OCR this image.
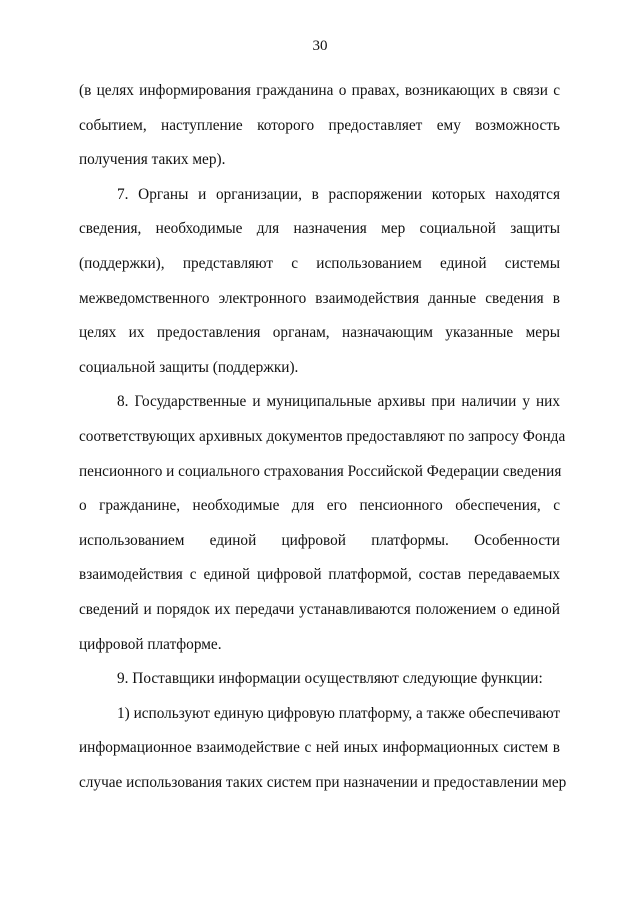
30
(в целях информирования гражданина о правах, возникающих в связи с
событием, наступление которого предоставляет ему возможность
получения таких мер).
7. Органы и организации, в распоряжении которых находятся
сведения, необходимые для назначения мер социальной защиты
(поддержки), представляют с использованием единой системы
межведомственного электронного взаимодействия данные сведения в
целях их предоставления органам, назначающим указанные меры
социальной защиты (поддержки).
8. Государственные и муниципальные архивы при наличии у них
соответствующих архивных документов предоставляют по запросу Фонда
пенсионного и социального страхования Российской Федерации сведения
о гражданине, необходимые для его пенсионного обеспечения, с
использованием единой цифровой платформы. Особенности
взаимодействия с единой цифровой платформой, состав передаваемых
сведений и порядок их передачи устанавливаются положением о единой
цифровой платформе.
9. Поставщики информации осуществляют следующие функции:
1) используют единую цифровую платформу, а также обеспечивают
информационное взаимодействие с ней иных информационных систем в
случае использования таких систем при назначении и предоставлении мер
